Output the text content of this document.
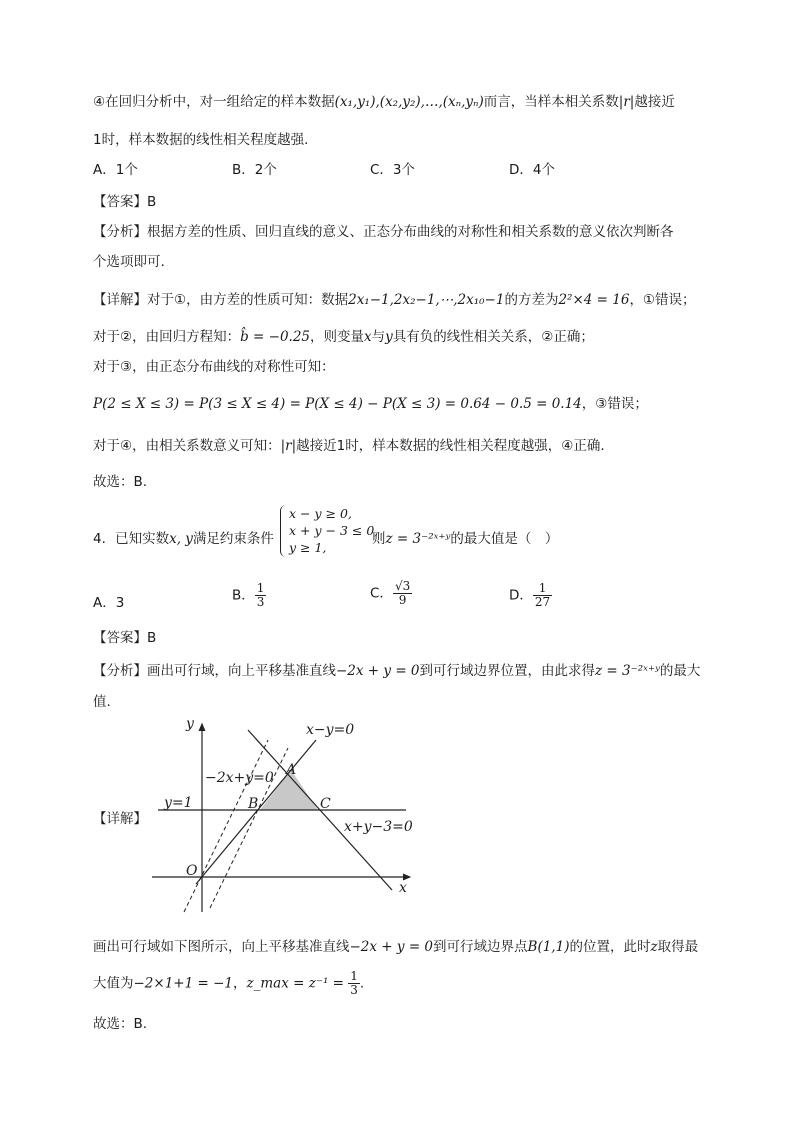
④在回归分析中，对一组给定的样本数据(x₁,y₁),(x₂,y₂),…,(xₙ,yₙ)而言，当样本相关系数|r|越接近
1时，样本数据的线性相关程度越强.
A．1个	B．2个	C．3个	D．4个
【答案】B
【分析】根据方差的性质、回归直线的意义、正态分布曲线的对称性和相关系数的意义依次判断各
个选项即可.
【详解】对于①，由方差的性质可知：数据2x₁−1,2x₂−1,⋯,2x₁₀−1的方差为2²×4 = 16，①错误；
对于②，由回归方程知：b̂ = −0.25，则变量x与y具有负的线性相关关系，②正确；
对于③，由正态分布曲线的对称性可知：
P(2 ≤ X ≤ 3) = P(3 ≤ X ≤ 4) = P(X ≤ 4) − P(X ≤ 3) = 0.64 − 0.5 = 0.14，③错误；
对于④，由相关系数意义可知：|r|越接近1时，样本数据的线性相关程度越强，④正确.
故选：B.
4．已知实数x, y满足约束条件
x − y ≥ 0,
x + y − 3 ≤ 0,
y ≥ 1,
则z = 3⁻²ˣ⁺ʸ的最大值是（　）
A．3	B． $\frac{1}{3}$	C． $\frac{√3}{9}$	D． $\frac{1}{27}$
【答案】B
【分析】画出可行域，向上平移基准直线−2x + y = 0到可行域边界位置，由此求得z = 3⁻²ˣ⁺ʸ的最大
值.
【详解】
y
x
O
x−y=0
−2x+y=0
y=1
x+y−3=0
A
B	C
画出可行域如下图所示，向上平移基准直线−2x + y = 0到可行域边界点B(1,1)的位置，此时z取得最
大值为−2×1+1 = −1，z_max = $z^{-1} = \frac{1}{3}$ .
故选：B.
